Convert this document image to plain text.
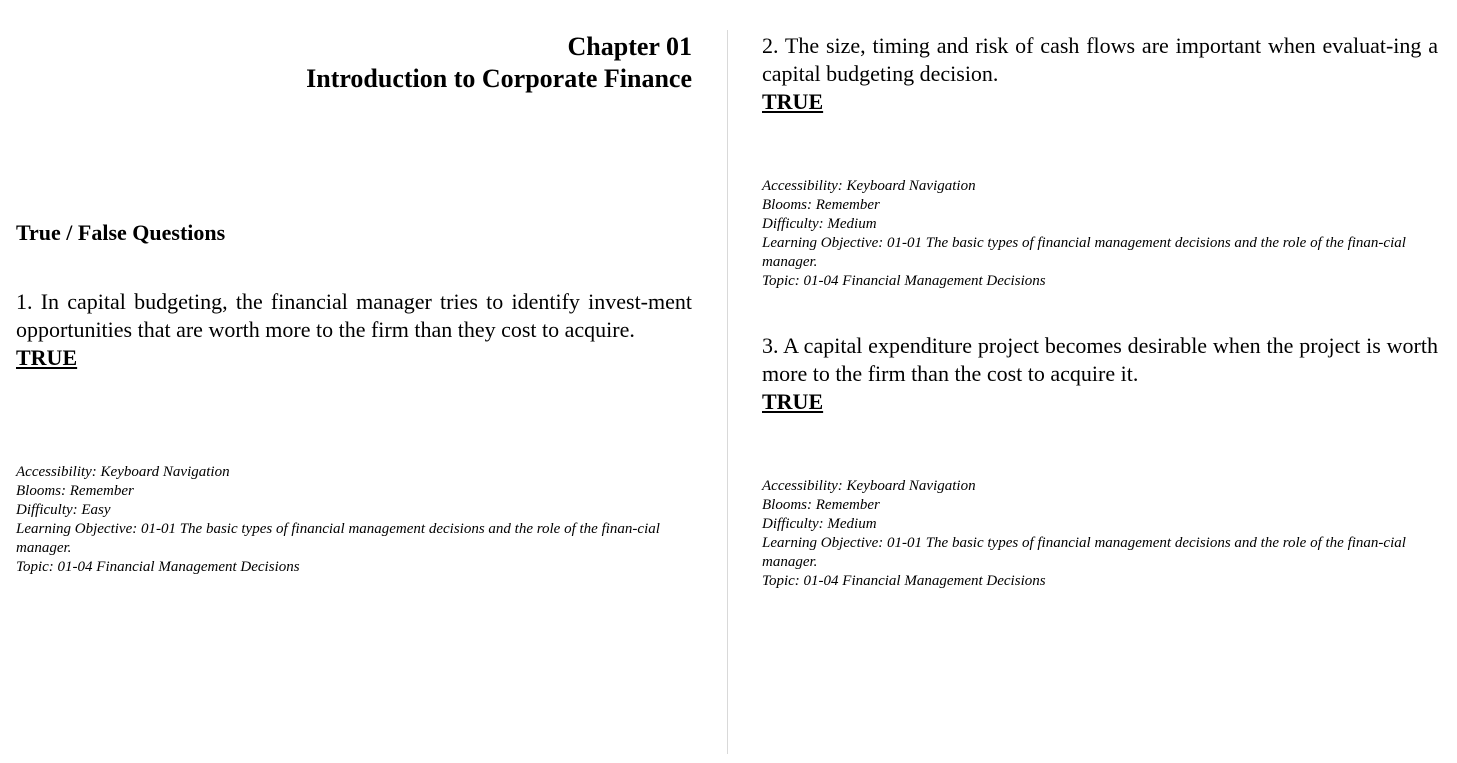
Chapter 01
Introduction to Corporate Finance
True / False Questions

1. In capital budgeting, the financial manager tries to identify invest-ment opportunities that are worth more to the firm than they cost to acquire.

TRUE

Accessibility: Keyboard Navigation
Blooms: Remember
Difficulty: Easy
Learning Objective: 01-01 The basic types of financial management decisions and the role of the finan-cial manager.
Topic: 01-04 Financial Management Decisions

2. The size, timing and risk of cash flows are important when evaluat-ing a capital budgeting decision.

TRUE

Accessibility: Keyboard Navigation
Blooms: Remember
Difficulty: Medium
Learning Objective: 01-01 The basic types of financial management decisions and the role of the finan-cial manager.
Topic: 01-04 Financial Management Decisions

3. A capital expenditure project becomes desirable when the project is worth more to the firm than the cost to acquire it.

TRUE

Accessibility: Keyboard Navigation
Blooms: Remember
Difficulty: Medium
Learning Objective: 01-01 The basic types of financial management decisions and the role of the finan-cial manager.
Topic: 01-04 Financial Management Decisions
